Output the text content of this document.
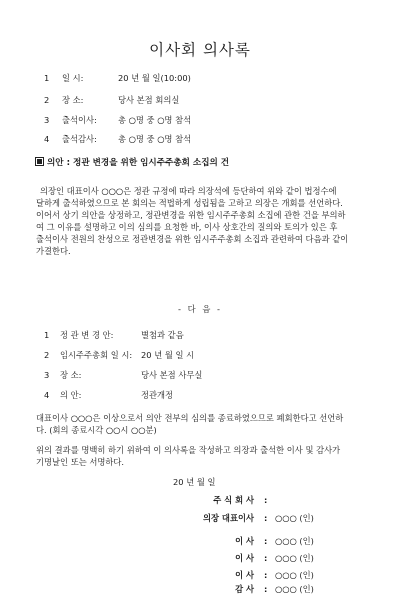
이사회 의사록
1 일 시:	20 년 월 일(10:00)
2 장 소:	당사 본점 회의실
3 출석이사:	총 ○명 중 ○명 참석
4 출석감사:	총 ○명 중 ○명 참석
의안 : 정관 변경을 위한 임시주주총회 소집의 건

의장인 대표이사 ○○○은 정관 규정에 따라 의장석에 등단하여 위와 같이 법정수에

달하게 출석하였으므로 본 회의는 적법하게 성립됨을 고하고 의장은 개회를 선언하다.

이어서 상기 의안을 상정하고, 정관변경을 위한 임시주주총회 소집에 관한 건을 부의하

여 그 이유를 설명하고 이의 심의를 요청한 바, 이사 상호간의 질의와 토의가 있은 후

출석이사 전원의 찬성으로 정관변경을 위한 임시주주총회 소집과 관련하여 다음과 같이

가결한다.

- 다 음 -
1 정 관 변 경 안:	별첨과 같음
2 임시주주총회 일 시: 20 년 월 일 시
3 장 소:	당사 본점 사무실
4 의 안:	정관개정

대표이사 ○○○은 이상으로서 의안 전부의 심의를 종료하였으므로 폐회한다고 선언하

다. (회의 종료시각 ○○시 ○○분)

위의 결과를 명백히 하기 위하여 이 의사록을 작성하고 의장과 출석한 이사 및 감사가

기명날인 또는 서명하다.

20 년 월 일
주 식 회 사 :
의장 대표이사 : ○○○ (인)
이 사 : ○○○ (인)
이 사 : ○○○ (인)
이 사 : ○○○ (인)
감 사 : ○○○ (인)
